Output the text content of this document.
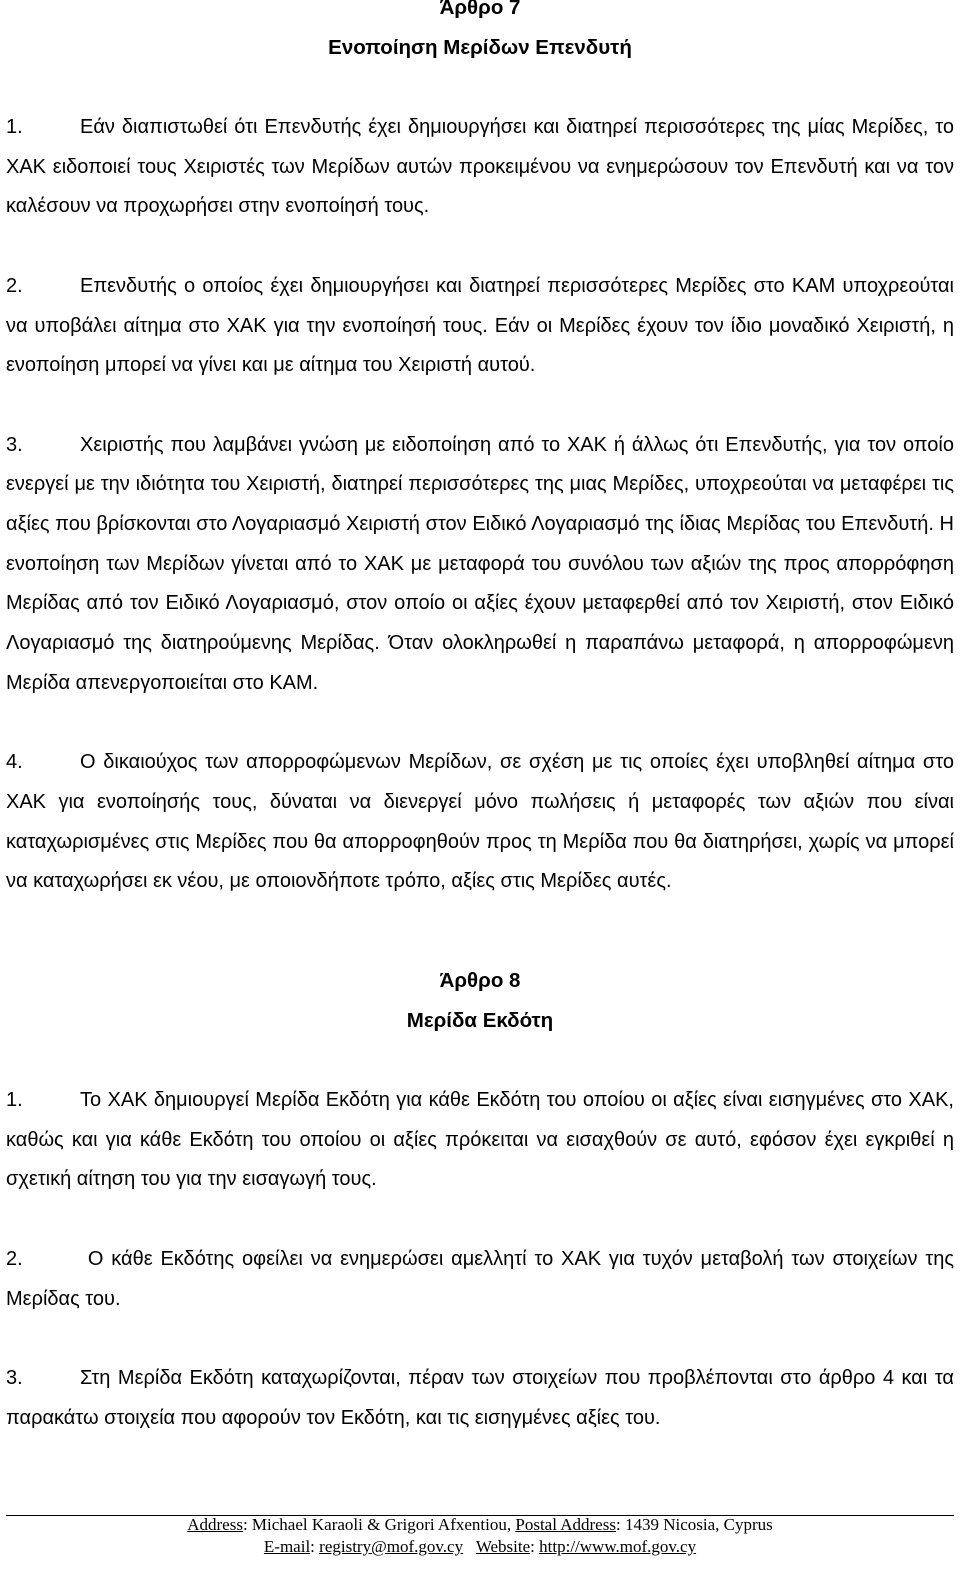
Άρθρο 7
Ενοποίηση Μερίδων Επενδυτή

1.	Εάν διαπιστωθεί ότι Επενδυτής έχει δημιουργήσει και διατηρεί περισσότερες της μίας Μερίδες, το ΧΑΚ ειδοποιεί τους Χειριστές των Μερίδων αυτών προκειμένου να ενημερώσουν τον Επενδυτή και να τον καλέσουν να προχωρήσει στην ενοποίησή τους.

2.	Επενδυτής ο οποίος έχει δημιουργήσει και διατηρεί περισσότερες Μερίδες στο ΚΑΜ υποχρεούται να υποβάλει αίτημα στο ΧΑΚ για την ενοποίησή τους. Εάν οι Μερίδες έχουν τον ίδιο μοναδικό Χειριστή, η ενοποίηση μπορεί να γίνει και με αίτημα του Χειριστή αυτού.

3.	Χειριστής που λαμβάνει γνώση με ειδοποίηση από το ΧΑΚ ή άλλως ότι Επενδυτής, για τον οποίο ενεργεί με την ιδιότητα του Χειριστή, διατηρεί περισσότερες της μιας Μερίδες, υποχρεούται να μεταφέρει τις αξίες που βρίσκονται στο Λογαριασμό Χειριστή στον Ειδικό Λογαριασμό της ίδιας Μερίδας του Επενδυτή. Η ενοποίηση των Μερίδων γίνεται από το ΧΑΚ με μεταφορά του συνόλου των αξιών της προς απορρόφηση Μερίδας από τον Ειδικό Λογαριασμό, στον οποίο οι αξίες έχουν μεταφερθεί από τον Χειριστή, στον Ειδικό Λογαριασμό της διατηρούμενης Μερίδας. Όταν ολοκληρωθεί η παραπάνω μεταφορά, η απορροφώμενη Μερίδα απενεργοποιείται στο ΚΑΜ.

4.	Ο δικαιούχος των απορροφώμενων Μερίδων, σε σχέση με τις οποίες έχει υποβληθεί αίτημα στο ΧΑΚ για ενοποίησής τους, δύναται να διενεργεί μόνο πωλήσεις ή μεταφορές των αξιών που είναι καταχωρισμένες στις Μερίδες που θα απορροφηθούν προς τη Μερίδα που θα διατηρήσει, χωρίς να μπορεί να καταχωρήσει εκ νέου, με οποιονδήποτε τρόπο, αξίες στις Μερίδες αυτές.

Άρθρο 8
Μερίδα Εκδότη

1.	Το ΧΑΚ δημιουργεί Μερίδα Εκδότη για κάθε Εκδότη του οποίου οι αξίες είναι εισηγμένες στο ΧΑΚ, καθώς και για κάθε Εκδότη του οποίου οι αξίες πρόκειται να εισαχθούν σε αυτό, εφόσον έχει εγκριθεί η σχετική αίτηση του για την εισαγωγή τους.

2.	Ο κάθε Εκδότης οφείλει να ενημερώσει αμελλητί το ΧΑΚ για τυχόν μεταβολή των στοιχείων της Μερίδας του.

3.	Στη Μερίδα Εκδότη καταχωρίζονται, πέραν των στοιχείων που προβλέπονται στο άρθρο 4 και τα παρακάτω στοιχεία που αφορούν τον Εκδότη, και τις εισηγμένες αξίες του.

Address: Michael Karaoli & Grigori Afxentiou, Postal Address: 1439 Nicosia, Cyprus
E-mail: registry@mof.gov.cy Website: http://www.mof.gov.cy
